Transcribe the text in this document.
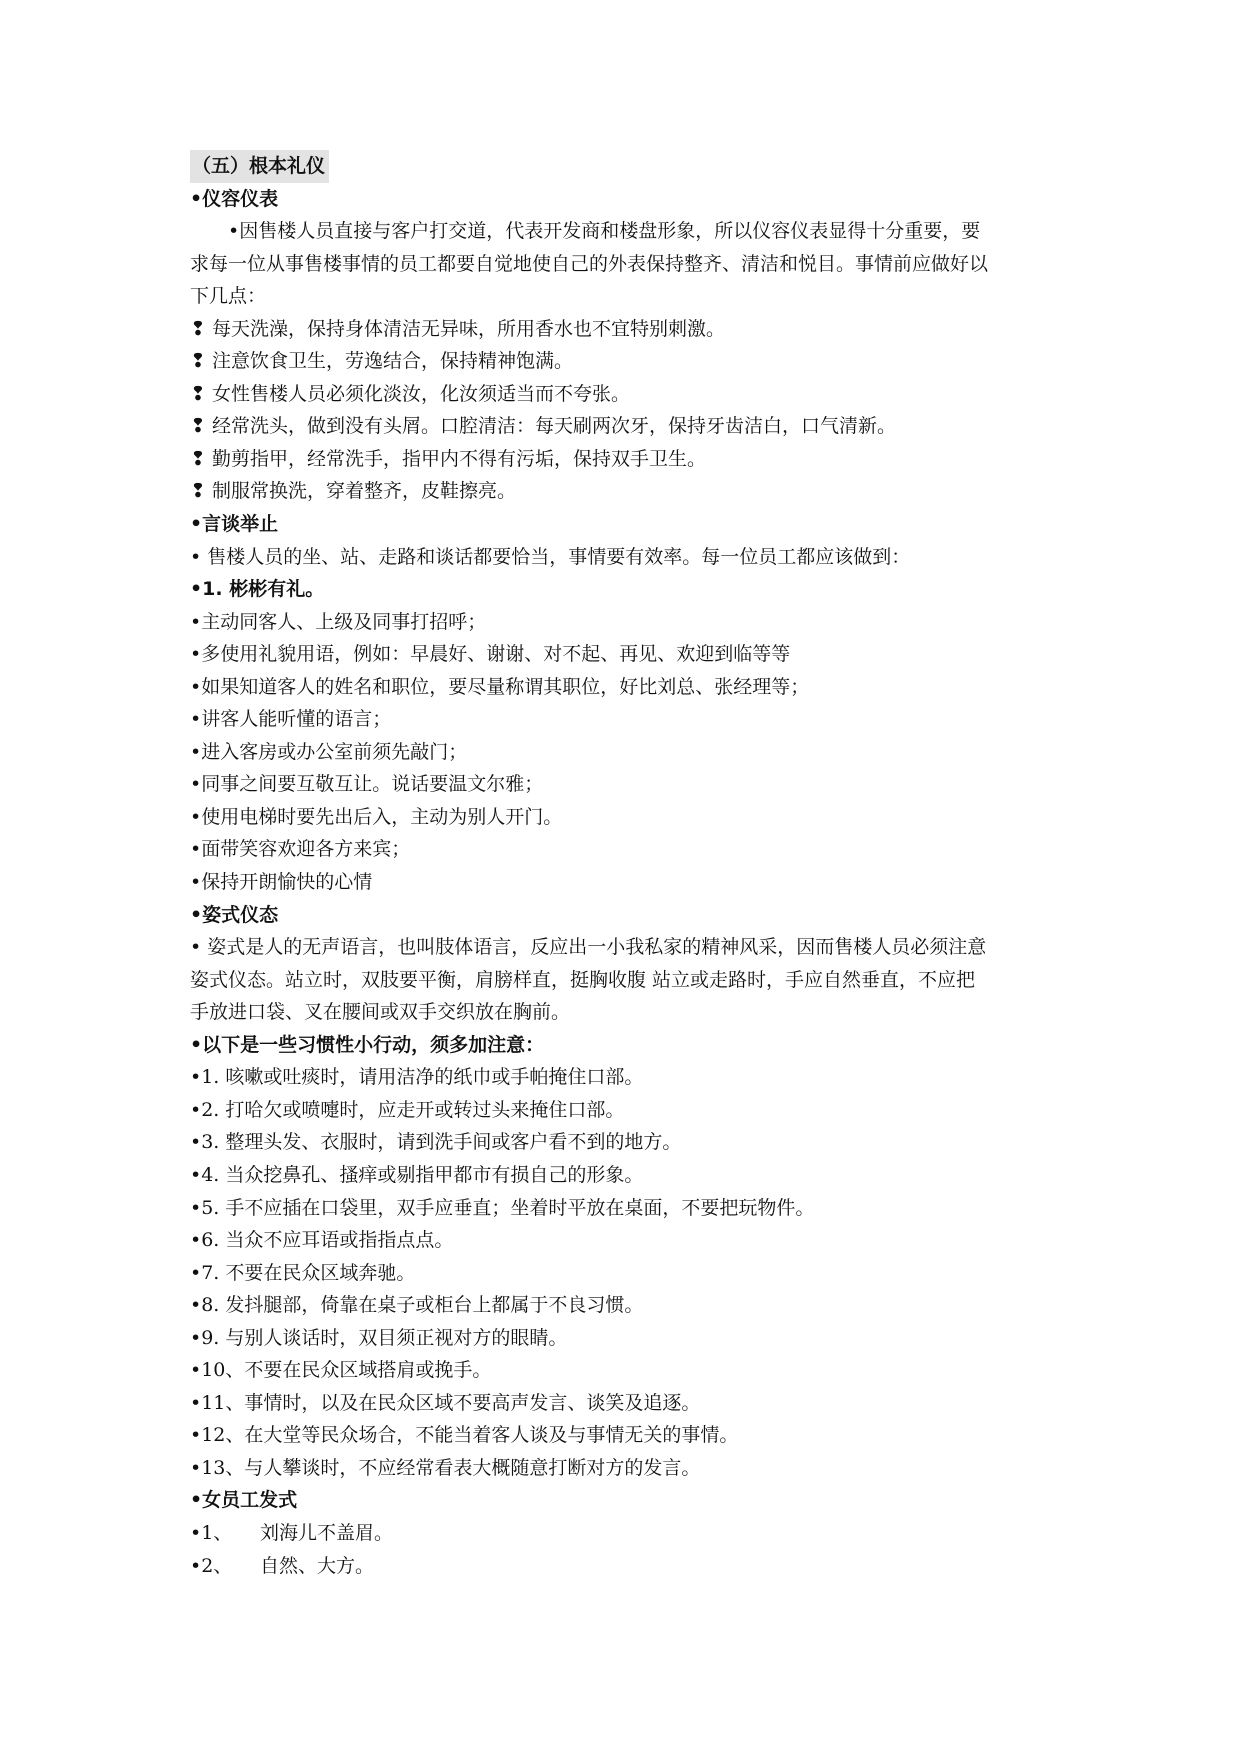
（五）根本礼仪
•仪容仪表
•因售楼人员直接与客户打交道，代表开发商和楼盘形象，所以仪容仪表显得十分重要，要
求每一位从事售楼事情的员工都要自觉地使自己的外表保持整齐、清洁和悦目。事情前应做好以
下几点：
❢ 每天洗澡，保持身体清洁无异味，所用香水也不宜特别刺激。
❢ 注意饮食卫生，劳逸结合，保持精神饱满。
❢ 女性售楼人员必须化淡汝，化汝须适当而不夸张。
❢ 经常洗头，做到没有头屑。口腔清洁：每天刷两次牙，保持牙齿洁白，口气清新。
❢ 勤剪指甲，经常洗手，指甲内不得有污垢，保持双手卫生。
❢ 制服常换洗，穿着整齐，皮鞋擦亮。
•言谈举止
• 售楼人员的坐、站、走路和谈话都要恰当，事情要有效率。每一位员工都应该做到：
•1. 彬彬有礼。
•主动同客人、上级及同事打招呼；
•多使用礼貌用语，例如：早晨好、谢谢、对不起、再见、欢迎到临等等
•如果知道客人的姓名和职位，要尽量称谓其职位，好比刘总、张经理等；
•讲客人能听懂的语言；
•进入客房或办公室前须先敲门；
•同事之间要互敬互让。说话要温文尔雅；
•使用电梯时要先出后入，主动为别人开门。
•面带笑容欢迎各方来宾；
•保持开朗愉快的心情
•姿式仪态
• 姿式是人的无声语言，也叫肢体语言，反应出一小我私家的精神风采，因而售楼人员必须注意
姿式仪态。站立时，双肢要平衡，肩膀样直，挺胸收腹 站立或走路时，手应自然垂直，不应把
手放进口袋、叉在腰间或双手交织放在胸前。
•以下是一些习惯性小行动，须多加注意：
•1. 咳嗽或吐痰时，请用洁净的纸巾或手帕掩住口部。
•2. 打哈欠或喷嚏时，应走开或转过头来掩住口部。
•3. 整理头发、衣服时，请到洗手间或客户看不到的地方。
•4. 当众挖鼻孔、搔痒或剔指甲都市有损自己的形象。
•5. 手不应插在口袋里，双手应垂直；坐着时平放在桌面，不要把玩物件。
•6. 当众不应耳语或指指点点。
•7. 不要在民众区域奔驰。
•8. 发抖腿部，倚靠在桌子或柜台上都属于不良习惯。
•9. 与别人谈话时，双目须正视对方的眼睛。
•10、不要在民众区域搭肩或挽手。
•11、事情时，以及在民众区域不要高声发言、谈笑及追逐。
•12、在大堂等民众场合，不能当着客人谈及与事情无关的事情。
•13、与人攀谈时，不应经常看表大概随意打断对方的发言。
•女员工发式
•1、 刘海儿不盖眉。
•2、 自然、大方。
